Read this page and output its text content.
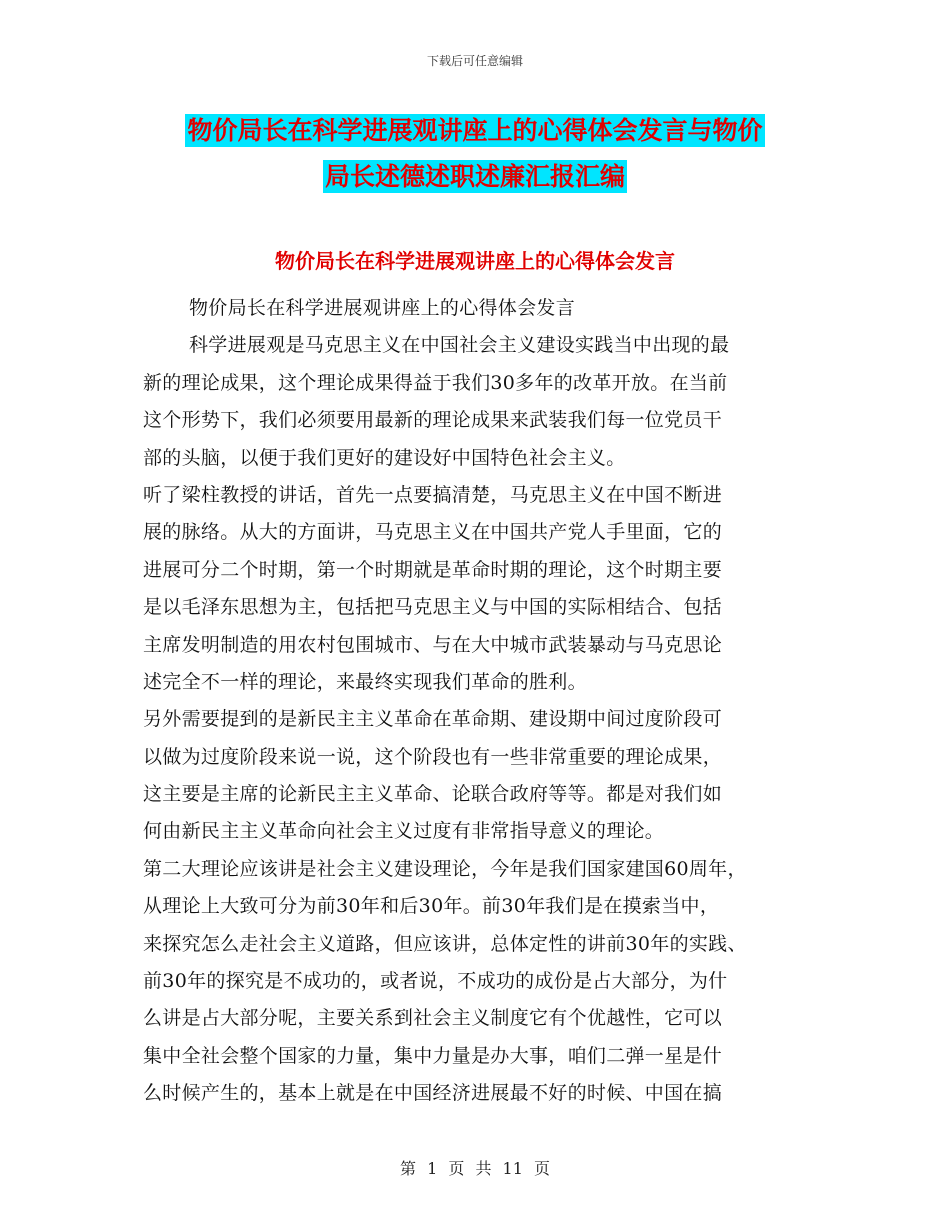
下载后可任意编辑
物价局长在科学进展观讲座上的心得体会发言与物价
局长述德述职述廉汇报汇编
物价局长在科学进展观讲座上的心得体会发言
物价局长在科学进展观讲座上的心得体会发言
科学进展观是马克思主义在中国社会主义建设实践当中出现的最
新的理论成果，这个理论成果得益于我们30多年的改革开放。在当前
这个形势下，我们必须要用最新的理论成果来武装我们每一位党员干
部的头脑，以便于我们更好的建设好中国特色社会主义。
听了梁柱教授的讲话，首先一点要搞清楚，马克思主义在中国不断进
展的脉络。从大的方面讲，马克思主义在中国共产党人手里面，它的
进展可分二个时期，第一个时期就是革命时期的理论，这个时期主要
是以毛泽东思想为主，包括把马克思主义与中国的实际相结合、包括
主席发明制造的用农村包围城市、与在大中城市武装暴动与马克思论
述完全不一样的理论，来最终实现我们革命的胜利。
另外需要提到的是新民主主义革命在革命期、建设期中间过度阶段可
以做为过度阶段来说一说，这个阶段也有一些非常重要的理论成果，
这主要是主席的论新民主主义革命、论联合政府等等。都是对我们如
何由新民主主义革命向社会主义过度有非常指导意义的理论。
第二大理论应该讲是社会主义建设理论，今年是我们国家建国60周年，
从理论上大致可分为前30年和后30年。前30年我们是在摸索当中，
来探究怎么走社会主义道路，但应该讲，总体定性的讲前30年的实践、
前30年的探究是不成功的，或者说，不成功的成份是占大部分，为什
么讲是占大部分呢，主要关系到社会主义制度它有个优越性，它可以
集中全社会整个国家的力量，集中力量是办大事，咱们二弹一星是什
么时候产生的，基本上就是在中国经济进展最不好的时候、中国在搞
第 1 页 共 11 页
